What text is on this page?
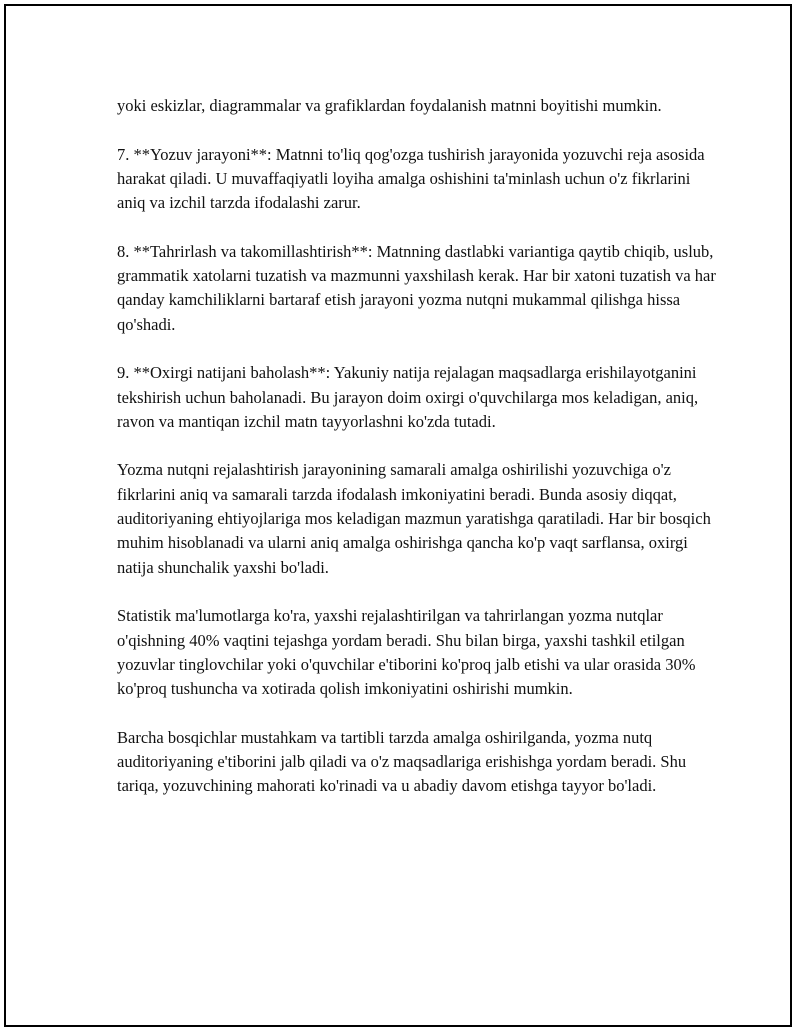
yoki eskizlar, diagrammalar va grafiklardan foydalanish matnni boyitishi mumkin.

7. **Yozuv jarayoni**: Matnni to'liq qog'ozga tushirish jarayonida yozuvchi reja asosida harakat qiladi. U muvaffaqiyatli loyiha amalga oshishini ta'minlash uchun o'z fikrlarini aniq va izchil tarzda ifodalashi zarur.

8. **Tahrirlash va takomillashtirish**: Matnning dastlabki variantiga qaytib chiqib, uslub, grammatik xatolarni tuzatish va mazmunni yaxshilash kerak. Har bir xatoni tuzatish va har qanday kamchiliklarni bartaraf etish jarayoni yozma nutqni mukammal qilishga hissa qo'shadi.

9. **Oxirgi natijani baholash**: Yakuniy natija rejalagan maqsadlarga erishilayotganini tekshirish uchun baholanadi. Bu jarayon doim oxirgi o'quvchilarga mos keladigan, aniq, ravon va mantiqan izchil matn tayyorlashni ko'zda tutadi.

Yozma nutqni rejalashtirish jarayonining samarali amalga oshirilishi yozuvchiga o'z fikrlarini aniq va samarali tarzda ifodalash imkoniyatini beradi. Bunda asosiy diqqat, auditoriyaning ehtiyojlariga mos keladigan mazmun yaratishga qaratiladi. Har bir bosqich muhim hisoblanadi va ularni aniq amalga oshirishga qancha ko'p vaqt sarflansa, oxirgi natija shunchalik yaxshi bo'ladi.

Statistik ma'lumotlarga ko'ra, yaxshi rejalashtirilgan va tahrirlangan yozma nutqlar o'qishning 40% vaqtini tejashga yordam beradi. Shu bilan birga, yaxshi tashkil etilgan yozuvlar tinglovchilar yoki o'quvchilar e'tiborini ko'proq jalb etishi va ular orasida 30% ko'proq tushuncha va xotirada qolish imkoniyatini oshirishi mumkin.

Barcha bosqichlar mustahkam va tartibli tarzda amalga oshirilganda, yozma nutq auditoriyaning e'tiborini jalb qiladi va o'z maqsadlariga erishishga yordam beradi. Shu tariqa, yozuvchining mahorati ko'rinadi va u abadiy davom etishga tayyor bo'ladi.
